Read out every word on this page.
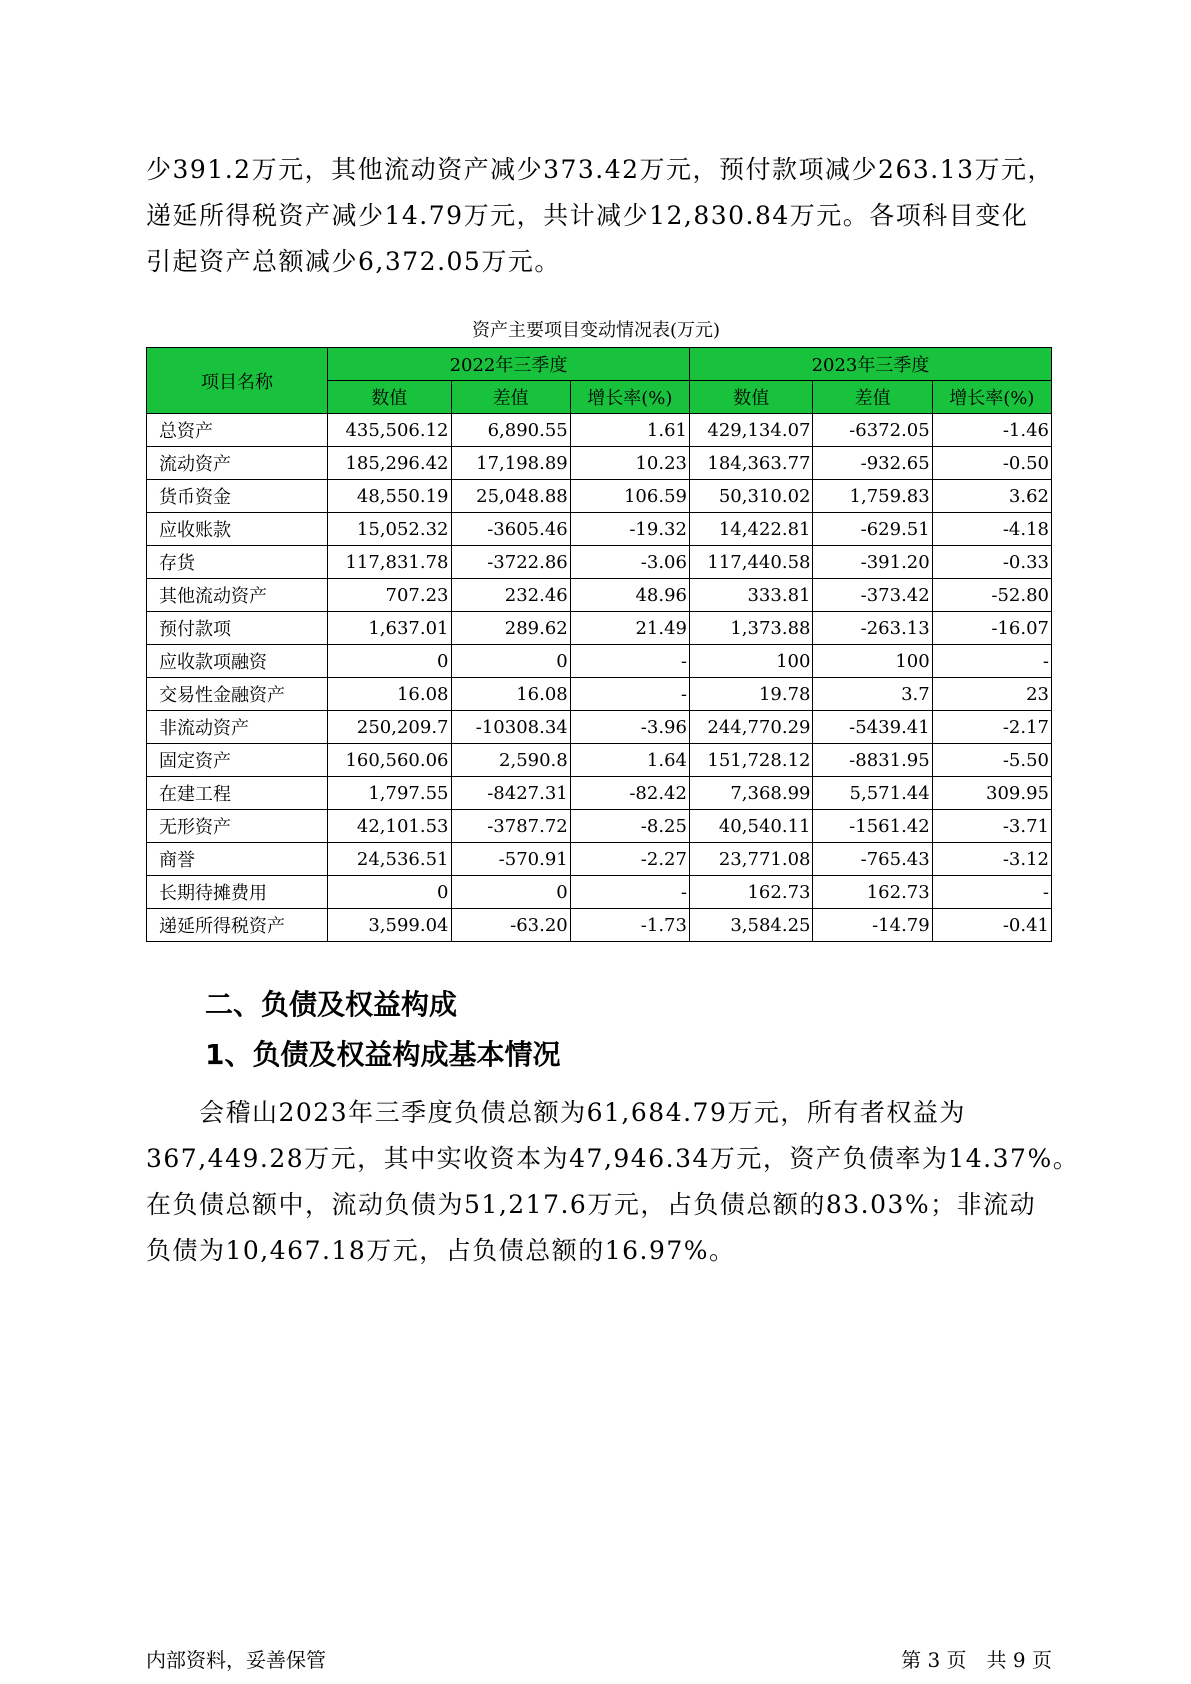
少391.2万元，其他流动资产减少373.42万元，预付款项减少263.13万元，

递延所得税资产减少14.79万元，共计减少12,830.84万元。各项科目变化

引起资产总额减少6,372.05万元。

资产主要项目变动情况表(万元)
项目名称	2022年三季度			2023年三季度		
	数值	差值	增长率(%)	数值	差值	增长率(%)
总资产	435,506.12	6,890.55	1.61	429,134.07	-6372.05	-1.46
流动资产	185,296.42	17,198.89	10.23	184,363.77	-932.65	-0.50
货币资金	48,550.19	25,048.88	106.59	50,310.02	1,759.83	3.62
应收账款	15,052.32	-3605.46	-19.32	14,422.81	-629.51	-4.18
存货	117,831.78	-3722.86	-3.06	117,440.58	-391.20	-0.33
其他流动资产	707.23	232.46	48.96	333.81	-373.42	-52.80
预付款项	1,637.01	289.62	21.49	1,373.88	-263.13	-16.07
应收款项融资	0	0	-	100	100	-
交易性金融资产	16.08	16.08	-	19.78	3.7	23
非流动资产	250,209.7	-10308.34	-3.96	244,770.29	-5439.41	-2.17
固定资产	160,560.06	2,590.8	1.64	151,728.12	-8831.95	-5.50
在建工程	1,797.55	-8427.31	-82.42	7,368.99	5,571.44	309.95
无形资产	42,101.53	-3787.72	-8.25	40,540.11	-1561.42	-3.71
商誉	24,536.51	-570.91	-2.27	23,771.08	-765.43	-3.12
长期待摊费用	0	0	-	162.73	162.73	-
递延所得税资产	3,599.04	-63.20	-1.73	3,584.25	-14.79	-0.41
二、负债及权益构成
1、负债及权益构成基本情况

　　会稽山2023年三季度负债总额为61,684.79万元，所有者权益为

367,449.28万元，其中实收资本为47,946.34万元，资产负债率为14.37%。

在负债总额中，流动负债为51,217.6万元，占负债总额的83.03%；非流动

负债为10,467.18万元，占负债总额的16.97%。

内部资料，妥善保管	第 3 页　共 9 页
